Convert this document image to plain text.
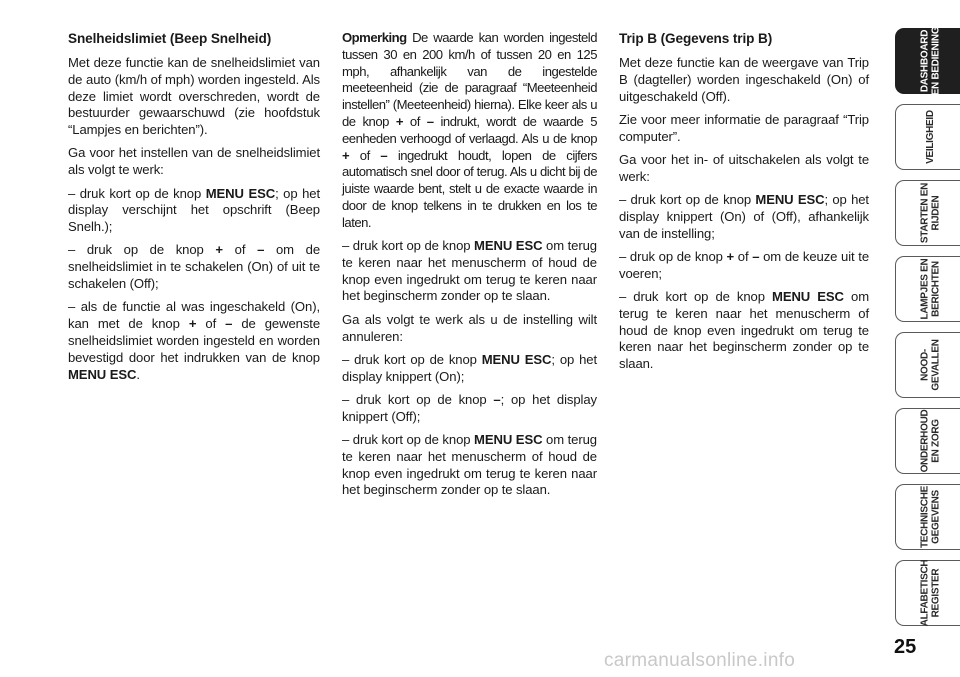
Snelheidslimiet (Beep Snelheid)

Met deze functie kan de snelheidslimiet van de auto (km/h of mph) worden ingesteld. Als deze limiet wordt overschreden, wordt de bestuurder gewaarschuwd (zie hoofdstuk “Lampjes en berichten”).

Ga voor het instellen van de snelheidslimiet als volgt te werk:

– druk kort op de knop MENU ESC; op het display verschijnt het opschrift (Beep Snelh.);

– druk op de knop + of – om de snelheidslimiet in te schakelen (On) of uit te schakelen (Off);

– als de functie al was ingeschakeld (On), kan met de knop + of – de gewenste snelheidslimiet worden ingesteld en worden bevestigd door het indrukken van de knop MENU ESC.

Opmerking De waarde kan worden ingesteld tussen 30 en 200 km/h of tussen 20 en 125 mph, afhankelijk van de ingestelde meeteenheid (zie de paragraaf “Meeteenheid instellen” (Meeteenheid) hierna). Elke keer als u de knop + of – indrukt, wordt de waarde 5 eenheden verhoogd of verlaagd. Als u de knop + of – ingedrukt houdt, lopen de cijfers automatisch snel door of terug. Als u dicht bij de juiste waarde bent, stelt u de exacte waarde in door de knop telkens in te drukken en los te laten.

– druk kort op de knop MENU ESC om terug te keren naar het menuscherm of houd de knop even ingedrukt om terug te keren naar het beginscherm zonder op te slaan.

Ga als volgt te werk als u de instelling wilt annuleren:

– druk kort op de knop MENU ESC; op het display knippert (On);

– druk kort op de knop –; op het display knippert (Off);

– druk kort op de knop MENU ESC om terug te keren naar het menuscherm of houd de knop even ingedrukt om terug te keren naar het beginscherm zonder op te slaan.

Trip B (Gegevens trip B)

Met deze functie kan de weergave van Trip B (dagteller) worden ingeschakeld (On) of uitgeschakeld (Off).

Zie voor meer informatie de paragraaf “Trip computer”.

Ga voor het in- of uitschakelen als volgt te werk:

– druk kort op de knop MENU ESC; op het display knippert (On) of (Off), afhankelijk van de instelling;

– druk op de knop + of – om de keuze uit te voeren;

– druk kort op de knop MENU ESC om terug te keren naar het menuscherm of houd de knop even ingedrukt om terug te keren naar het beginscherm zonder op te slaan.

DASHBOARD EN BEDIENING
VEILIGHEID
STARTEN EN RIJDEN
LAMPJES EN BERICHTEN
NOOD- GEVALLEN
ONDERHOUD EN ZORG
TECHNISCHE GEGEVENS
ALFABETISCH REGISTER
25
carmanualsonline.info
